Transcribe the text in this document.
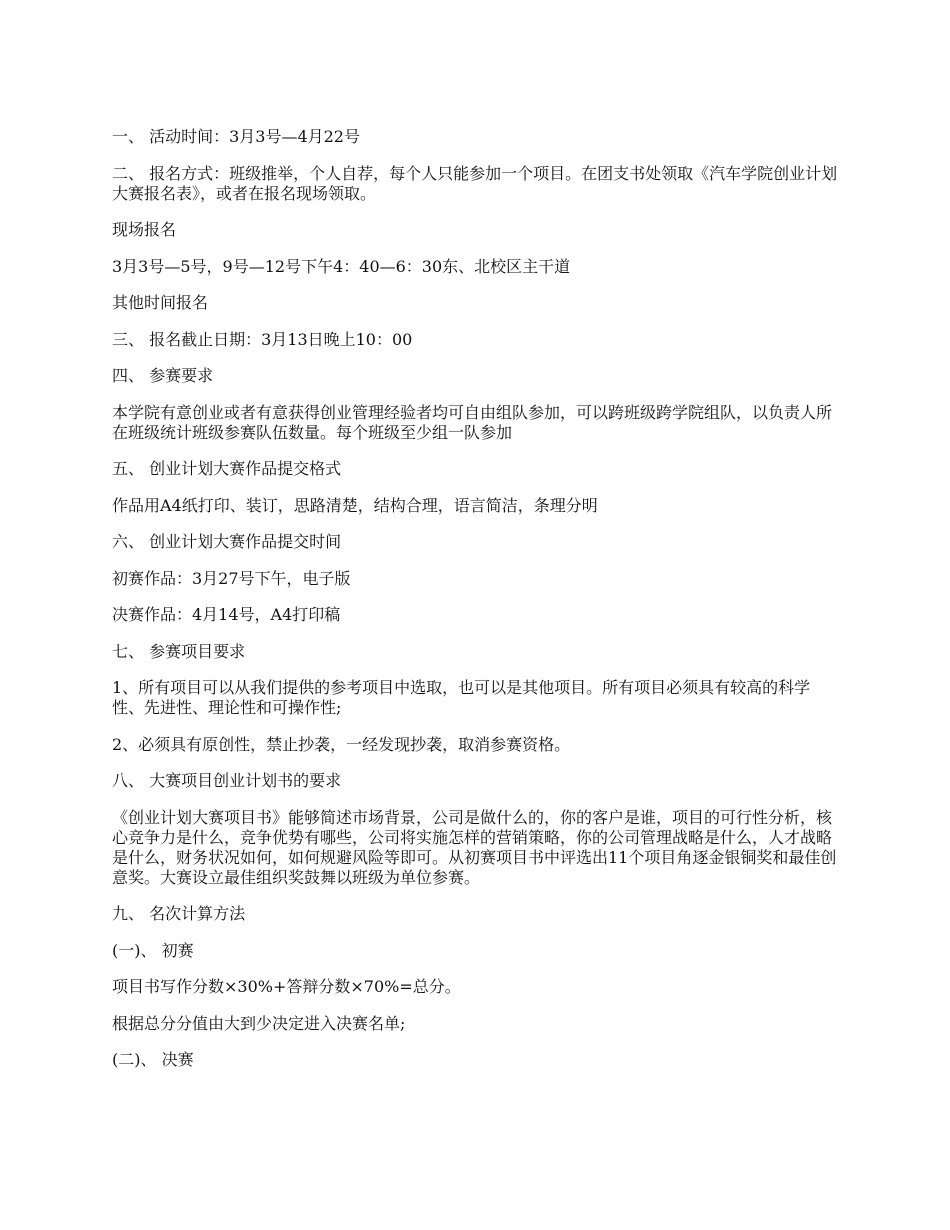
一、 活动时间：3月3号—4月22号

二、 报名方式：班级推举，个人自荐，每个人只能参加一个项目。在团支书处领取《汽车学院创业计划大赛报名表》，或者在报名现场领取。

现场报名

3月3号—5号，9号—12号下午4：40—6：30东、北校区主干道

其他时间报名

三、 报名截止日期：3月13日晚上10：00

四、 参赛要求

本学院有意创业或者有意获得创业管理经验者均可自由组队参加，可以跨班级跨学院组队，以负责人所在班级统计班级参赛队伍数量。每个班级至少组一队参加

五、 创业计划大赛作品提交格式

作品用A4纸打印、装订，思路清楚，结构合理，语言简洁，条理分明

六、 创业计划大赛作品提交时间

初赛作品：3月27号下午，电子版

决赛作品：4月14号，A4打印稿

七、 参赛项目要求

1、所有项目可以从我们提供的参考项目中选取，也可以是其他项目。所有项目必须具有较高的科学性、先进性、理论性和可操作性;

2、必须具有原创性，禁止抄袭，一经发现抄袭，取消参赛资格。

八、 大赛项目创业计划书的要求

《创业计划大赛项目书》能够简述市场背景，公司是做什么的，你的客户是谁，项目的可行性分析，核心竞争力是什么，竞争优势有哪些，公司将实施怎样的营销策略，你的公司管理战略是什么，人才战略是什么，财务状况如何，如何规避风险等即可。从初赛项目书中评选出11个项目角逐金银铜奖和最佳创意奖。大赛设立最佳组织奖鼓舞以班级为单位参赛。

九、 名次计算方法

(一)、 初赛

项目书写作分数×30%+答辩分数×70%=总分。

根据总分分值由大到少决定进入决赛名单;

(二)、 决赛
